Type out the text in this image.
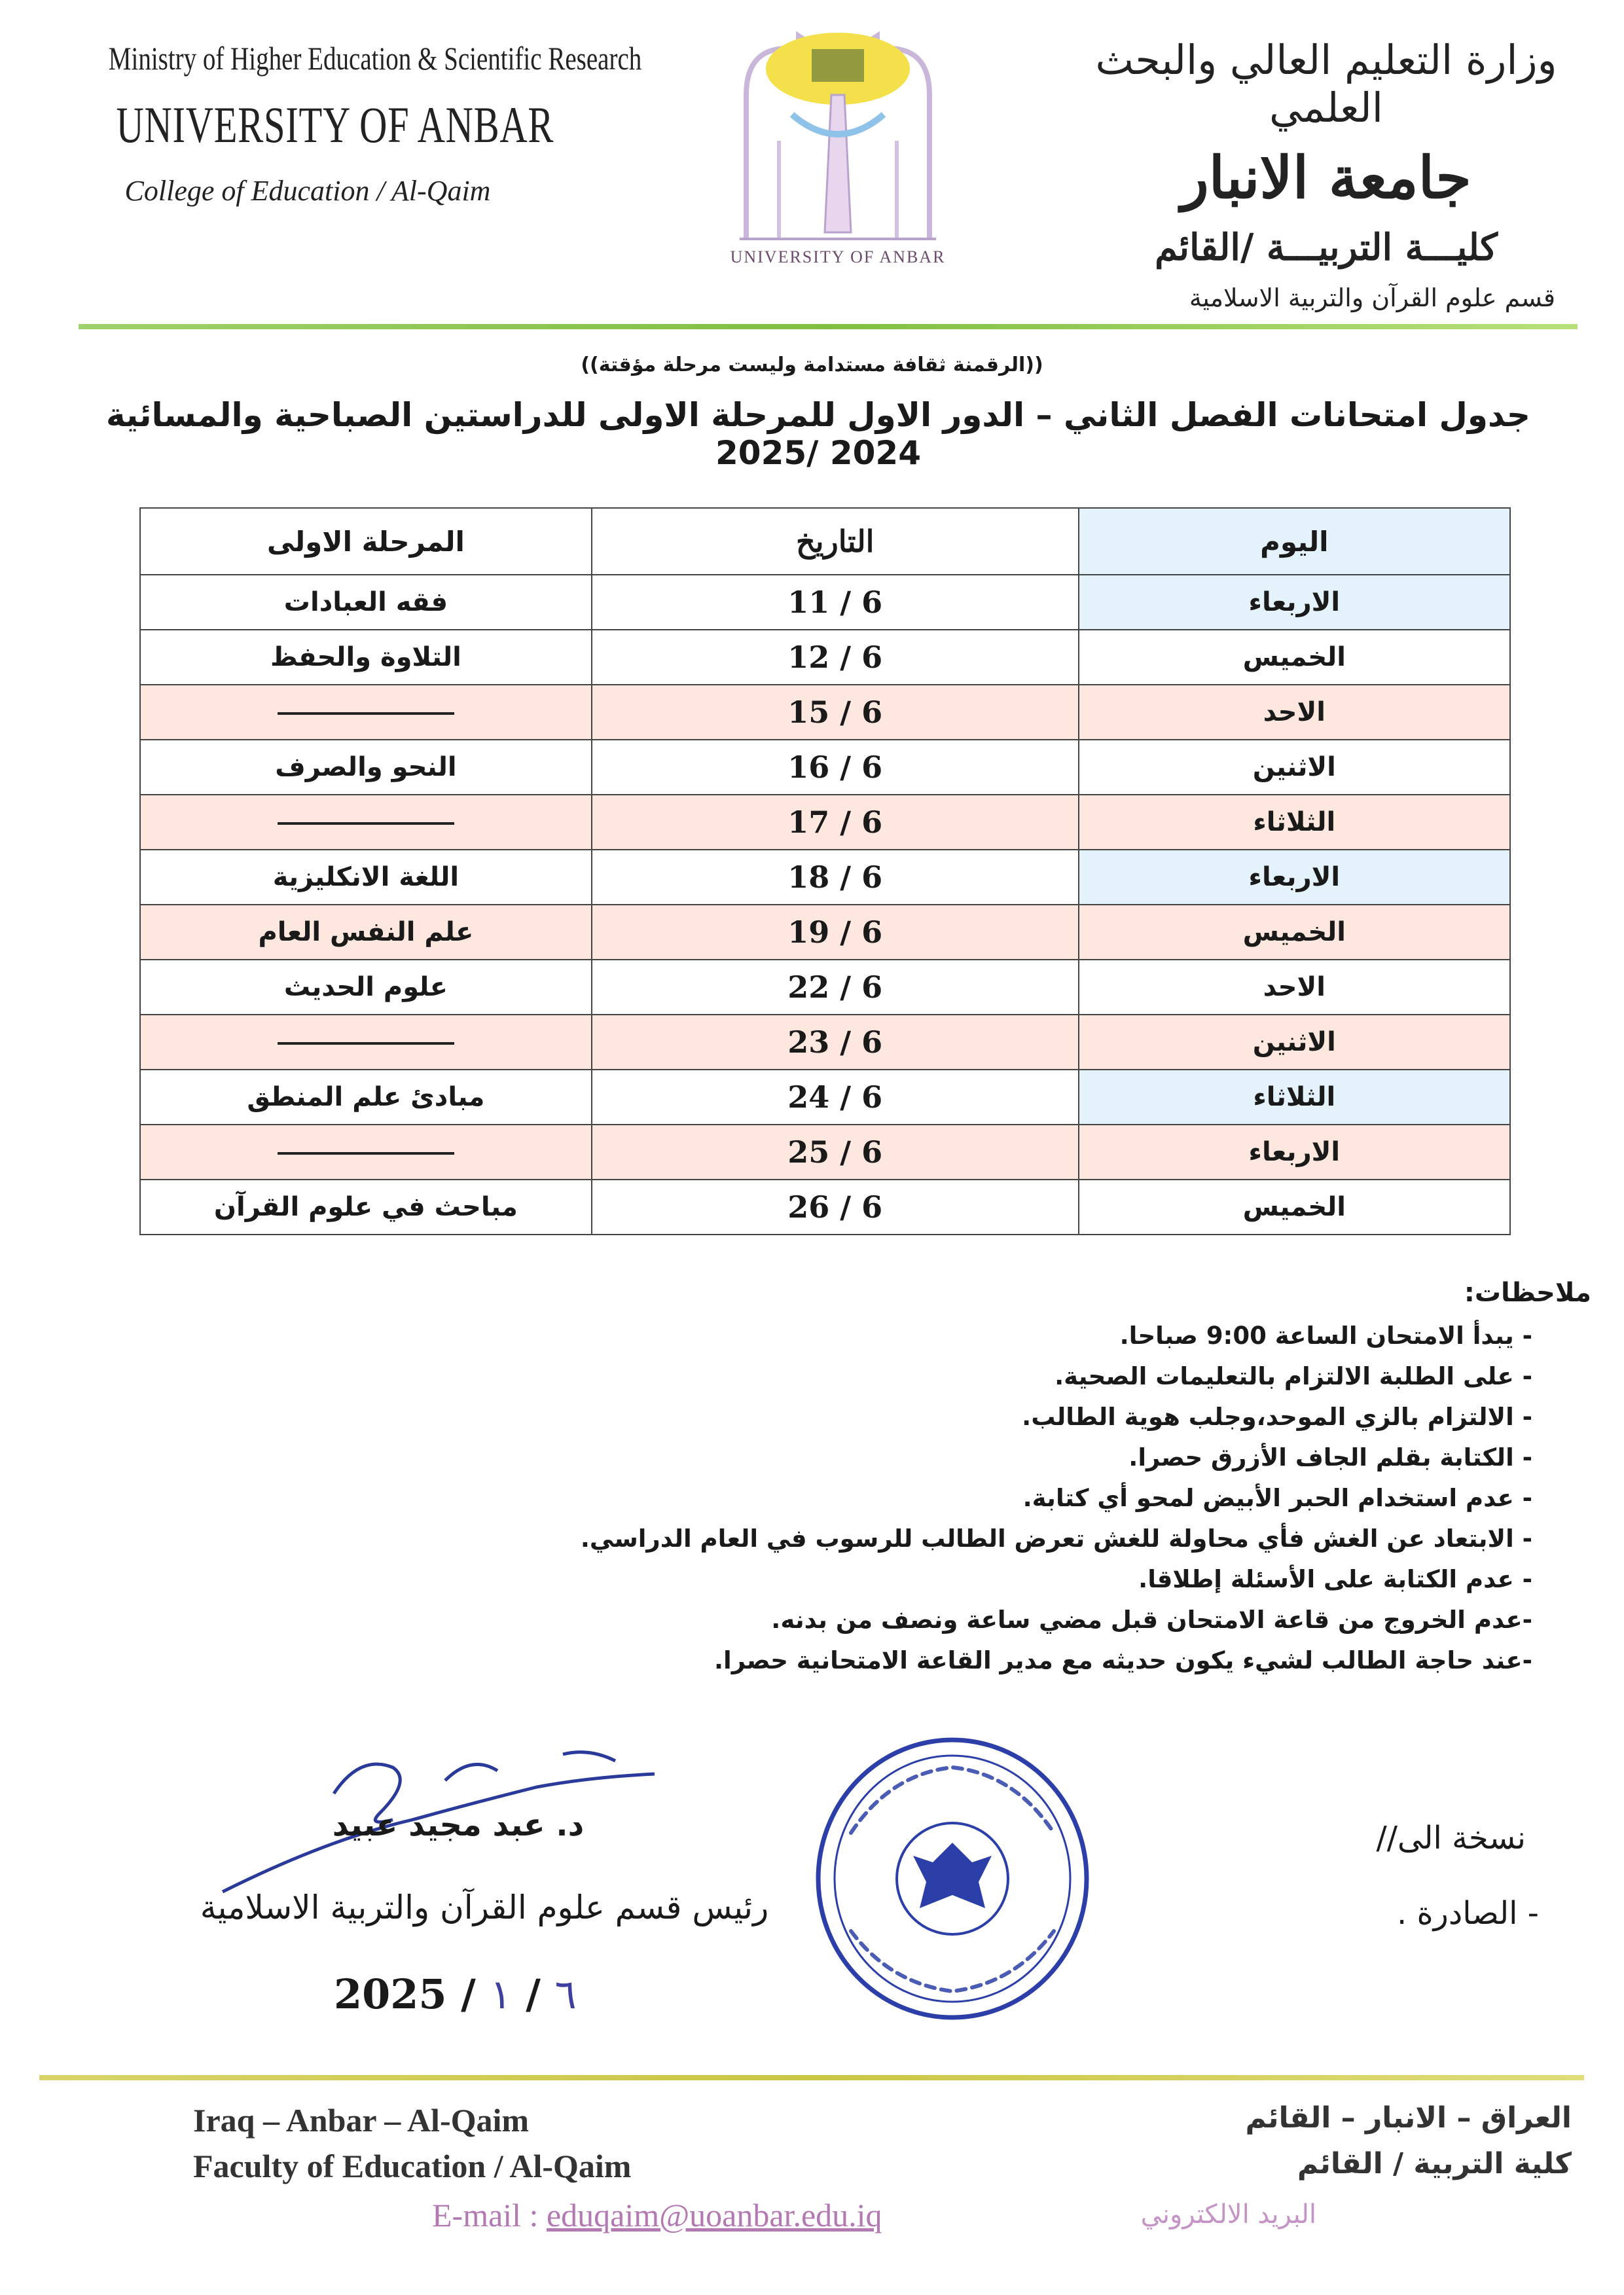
Ministry of Higher Education & Scientific Research
UNIVERSITY OF ANBAR
College of Education / Al-Qaim
UNIVERSITY OF ANBAR
وزارة التعليم العالي والبحث العلمي
جامعة الانبار
كليـــة التربيـــة /القائم
قسم علوم القرآن والتربية الاسلامية
((الرقمنة ثقافة مستدامة وليست مرحلة مؤقتة))
جدول امتحانات الفصل الثاني – الدور الاول للمرحلة الاولى للدراستين الصباحية والمسائية 2024 /2025
اليوم	التاريخ	المرحلة الاولى
الاربعاء	6 / 11	فقه العبادات
الخميس	6 / 12	التلاوة والحفظ
الاحد	6 / 15	
الاثنين	6 / 16	النحو والصرف
الثلاثاء	6 / 17	
الاربعاء	6 / 18	اللغة الانكليزية
الخميس	6 / 19	علم النفس العام
الاحد	6 / 22	علوم الحديث
الاثنين	6 / 23	
الثلاثاء	6 / 24	مبادئ علم المنطق
الاربعاء	6 / 25	
الخميس	6 / 26	مباحث في علوم القرآن
ملاحظات:
- يبدأ الامتحان الساعة 9:00 صباحا.
- على الطلبة الالتزام بالتعليمات الصحية.
- الالتزام بالزي الموحد،وجلب هوية الطالب.
- الكتابة بقلم الجاف الأزرق حصرا.
- عدم استخدام الحبر الأبيض لمحو أي كتابة.
- الابتعاد عن الغش فأي محاولة للغش تعرض الطالب للرسوب في العام الدراسي.
- عدم الكتابة على الأسئلة إطلاقا.
-عدم الخروج من قاعة الامتحان قبل مضي ساعة ونصف من بدنه.
-عند حاجة الطالب لشيء يكون حديثه مع مدير القاعة الامتحانية حصرا.
د. عبد مجيد عبيد
رئيس قسم علوم القرآن والتربية الاسلامية
2025 / ٦ / ١
نسخة الى//
- الصادرة .
Iraq – Anbar – Al-Qaim
Faculty of Education / Al-Qaim
E-mail : eduqaim@uoanbar.edu.iq
العراق – الانبار – القائم
كلية التربية / القائم
البريد الالكتروني
